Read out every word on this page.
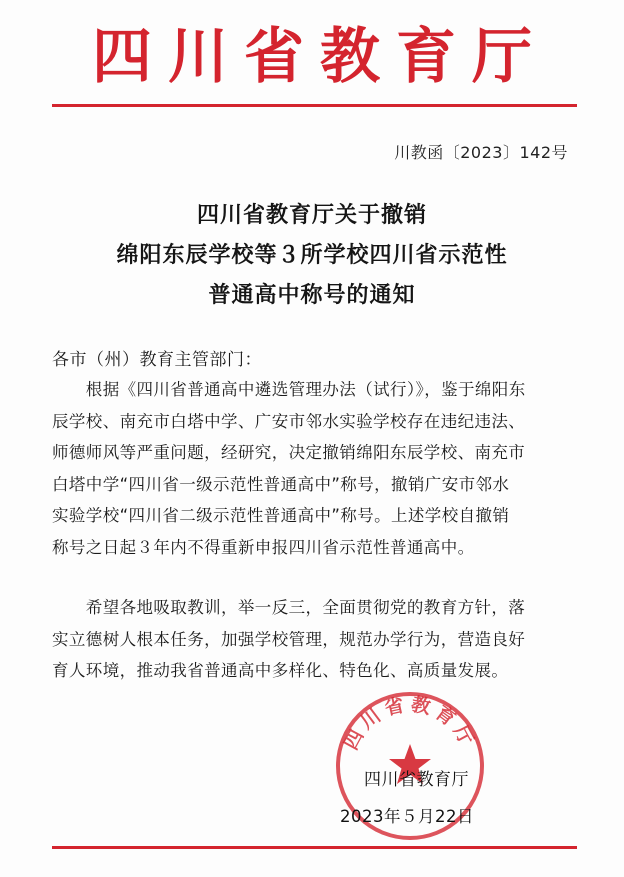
四川省教育厅
川教函〔2023〕142号
四川省教育厅关于撤销
绵阳东辰学校等３所学校四川省示范性
普通高中称号的通知
各市（州）教育主管部门：
　　根据《四川省普通高中遴选管理办法（试行）》，鉴于绵阳东
辰学校、南充市白塔中学、广安市邻水实验学校存在违纪违法、
师德师风等严重问题，经研究，决定撤销绵阳东辰学校、南充市
白塔中学“四川省一级示范性普通高中”称号，撤销广安市邻水
实验学校“四川省二级示范性普通高中”称号。上述学校自撤销
称号之日起３年内不得重新申报四川省示范性普通高中。
　　希望各地吸取教训，举一反三，全面贯彻党的教育方针，落
实立德树人根本任务，加强学校管理，规范办学行为，营造良好
育人环境，推动我省普通高中多样化、特色化、高质量发展。
四川省教育厅
四川省教育厅
2023年５月22日
